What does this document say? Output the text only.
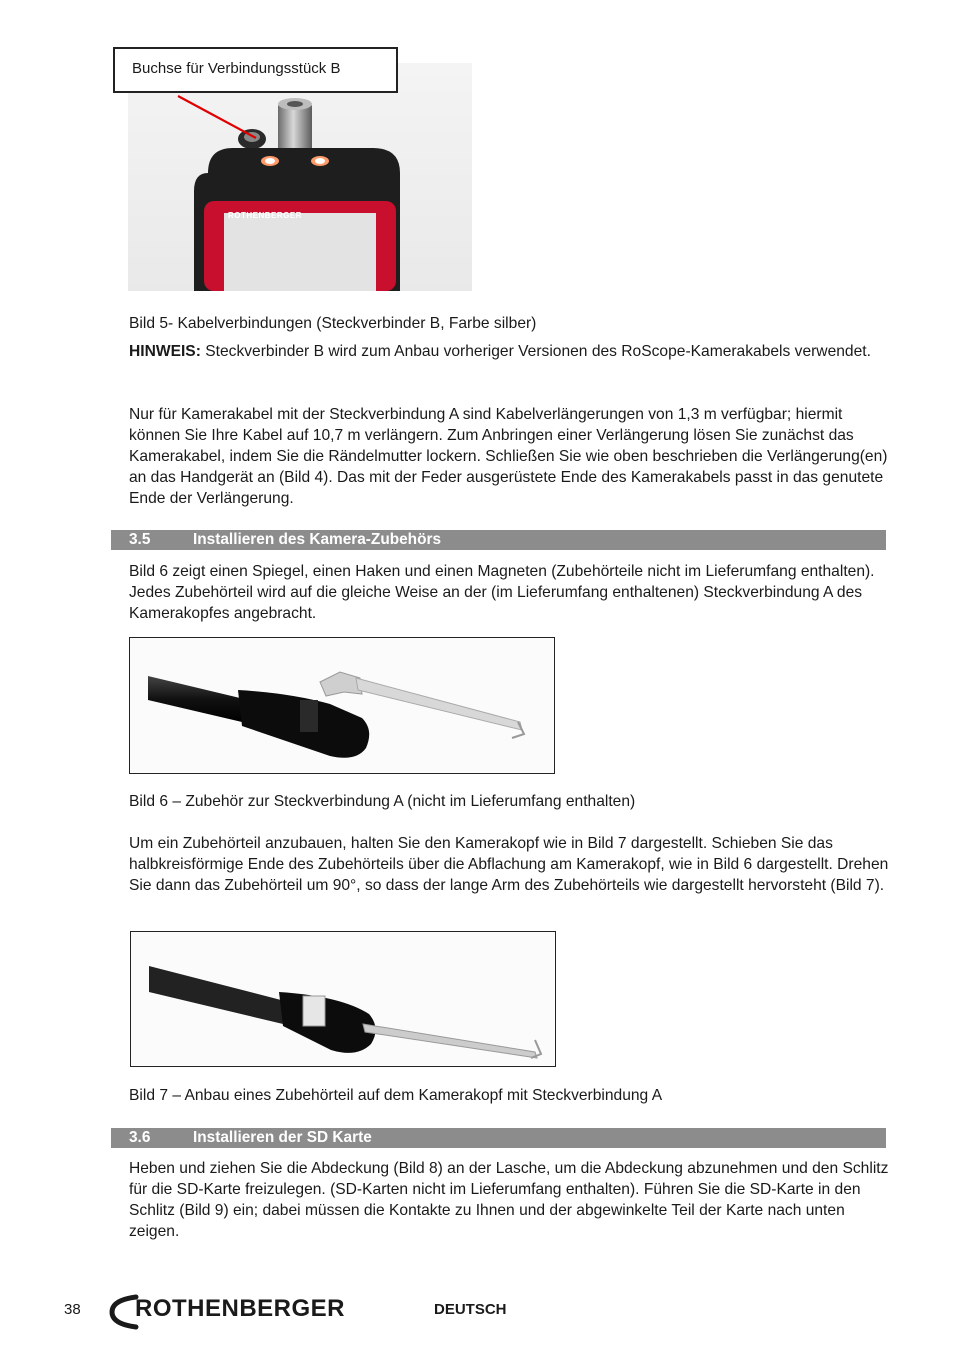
ROTHENBERGER
Buchse für Verbindungsstück B

Bild 5- Kabelverbindungen (Steckverbinder B, Farbe silber)

HINWEIS: Steckverbinder B wird zum Anbau vorheriger Versionen des RoScope-Kamerakabels verwendet.

Nur für Kamerakabel mit der Steckverbindung A sind Kabelverlängerungen von 1,3 m verfügbar; hiermit können Sie Ihre Kabel auf 10,7 m verlängern. Zum Anbringen einer Verlängerung lösen Sie zunächst das Kamerakabel, indem Sie die Rändelmutter lockern. Schließen Sie wie oben beschrieben die Verlängerung(en) an das Handgerät an (Bild 4). Das mit der Feder ausgerüstete Ende des Kamerakabels passt in das genutete Ende der Verlängerung.

3.5	Installieren des Kamera-Zubehörs

Bild 6 zeigt einen Spiegel, einen Haken und einen Magneten (Zubehörteile nicht im Lieferumfang enthalten). Jedes Zubehörteil wird auf die gleiche Weise an der (im Lieferumfang enthaltenen) Steckverbindung A des Kamerakopfes angebracht.

Bild 6 – Zubehör zur Steckverbindung A (nicht im Lieferumfang enthalten)

Um ein Zubehörteil anzubauen, halten Sie den Kamerakopf wie in Bild 7 dargestellt. Schieben Sie das halbkreisförmige Ende des Zubehörteils über die Abflachung am Kamerakopf, wie in Bild 6 dargestellt. Drehen Sie dann das Zubehörteil um 90°, so dass der lange Arm des Zubehörteils wie dargestellt hervorsteht (Bild 7).

Bild 7 – Anbau eines Zubehörteil auf dem Kamerakopf mit Steckverbindung A

3.6	Installieren der SD Karte

Heben und ziehen Sie die Abdeckung (Bild 8) an der Lasche, um die Abdeckung abzunehmen und den Schlitz für die SD-Karte freizulegen. (SD-Karten nicht im Lieferumfang enthalten). Führen Sie die SD-Karte in den Schlitz (Bild 9) ein; dabei müssen die Kontakte zu Ihnen und der abgewinkelte Teil der Karte nach unten zeigen.

38 ROTHENBERGER	DEUTSCH
